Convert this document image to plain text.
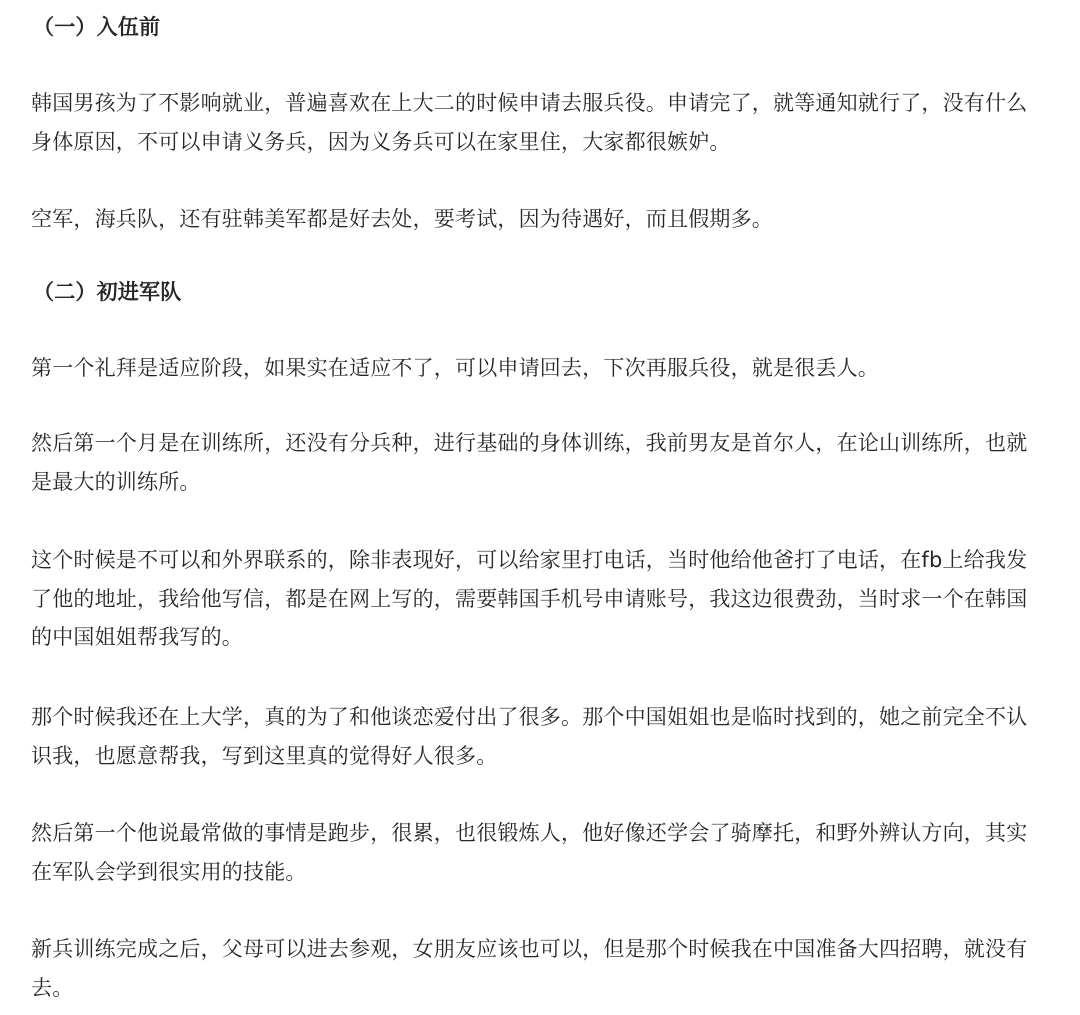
（一）入伍前

韩国男孩为了不影响就业，普遍喜欢在上大二的时候申请去服兵役。申请完了，就等通知就行了，没有什么身体原因，不可以申请义务兵，因为义务兵可以在家里住，大家都很嫉妒。

空军，海兵队，还有驻韩美军都是好去处，要考试，因为待遇好，而且假期多。

（二）初进军队

第一个礼拜是适应阶段，如果实在适应不了，可以申请回去，下次再服兵役，就是很丢人。

然后第一个月是在训练所，还没有分兵种，进行基础的身体训练，我前男友是首尔人，在论山训练所，也就是最大的训练所。

这个时候是不可以和外界联系的，除非表现好，可以给家里打电话，当时他给他爸打了电话，在fb上给我发了他的地址，我给他写信，都是在网上写的，需要韩国手机号申请账号，我这边很费劲，当时求一个在韩国的中国姐姐帮我写的。

那个时候我还在上大学，真的为了和他谈恋爱付出了很多。那个中国姐姐也是临时找到的，她之前完全不认识我，也愿意帮我，写到这里真的觉得好人很多。

然后第一个他说最常做的事情是跑步，很累，也很锻炼人，他好像还学会了骑摩托，和野外辨认方向，其实在军队会学到很实用的技能。

新兵训练完成之后，父母可以进去参观，女朋友应该也可以，但是那个时候我在中国准备大四招聘，就没有去。
